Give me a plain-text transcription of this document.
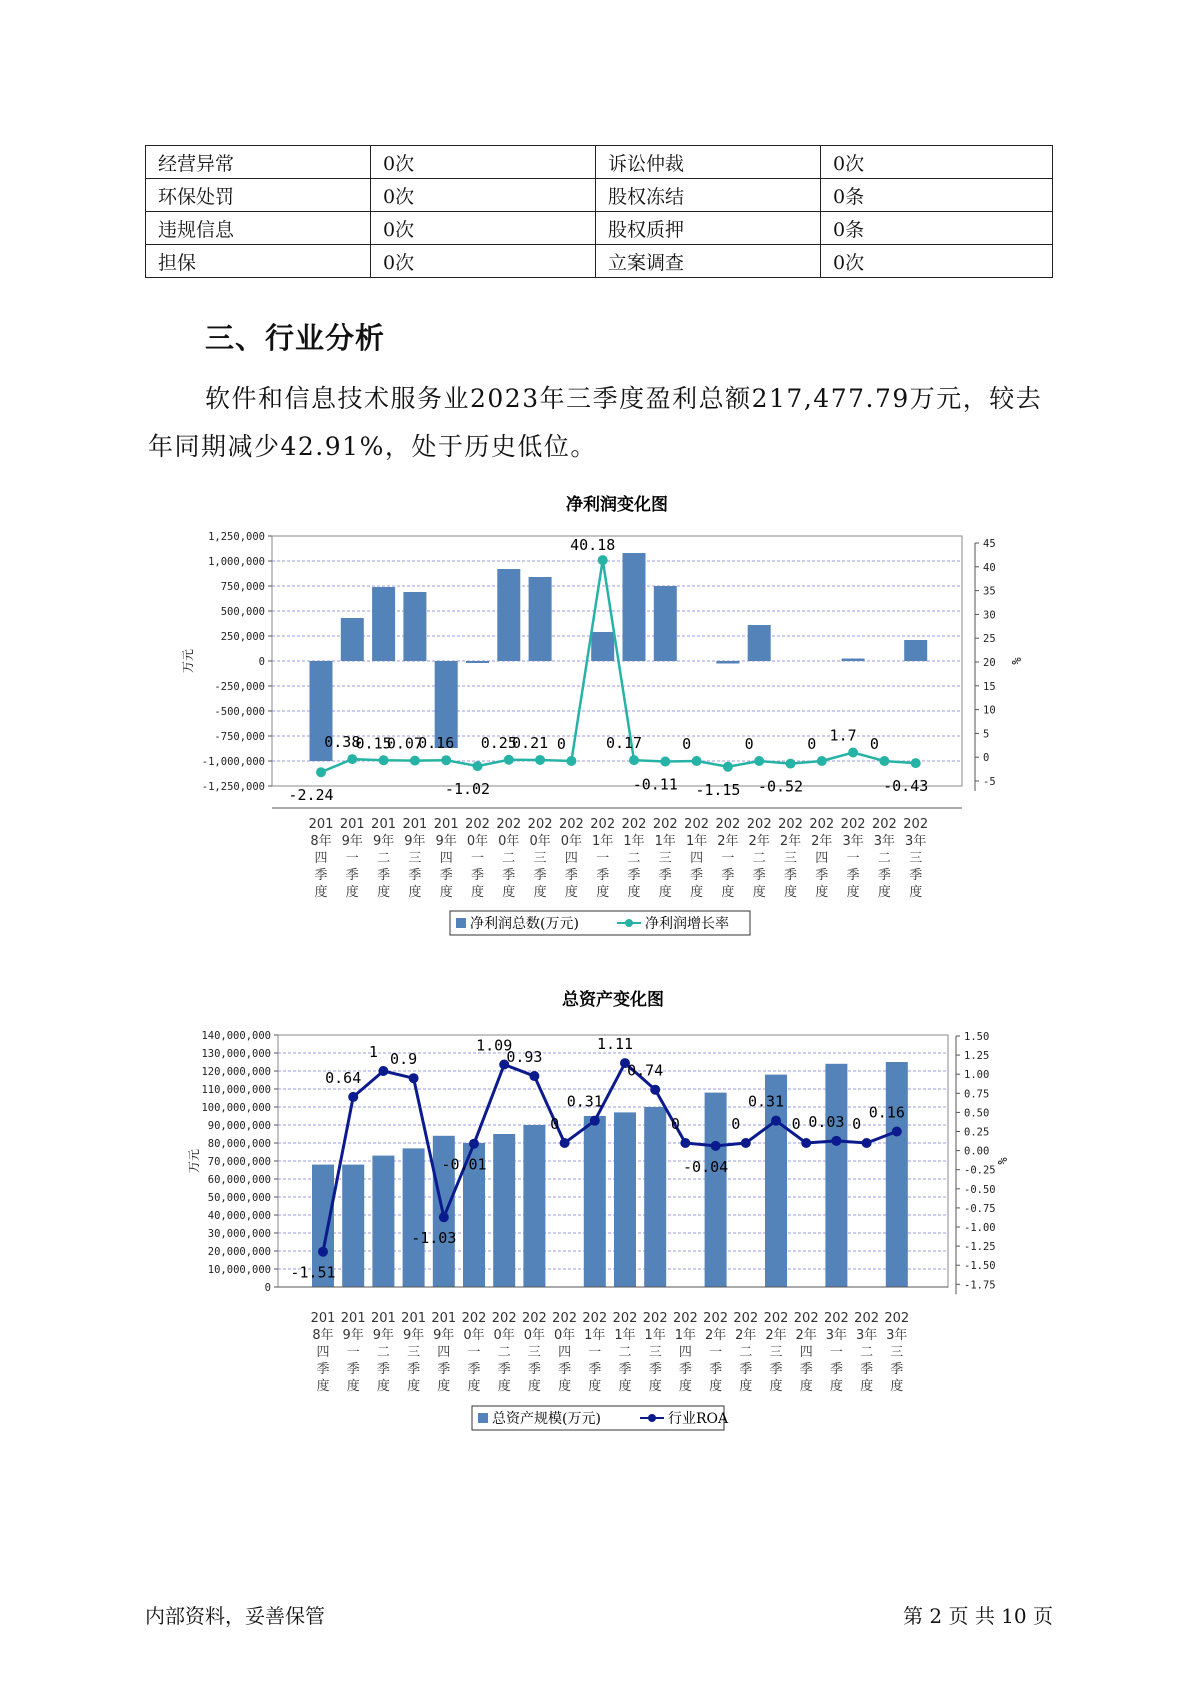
经营异常	0次	诉讼仲裁	0次
环保处罚	0次	股权冻结	0条
违规信息	0次	股权质押	0条
担保	0次	立案调查	0次
三、行业分析
软件和信息技术服务业2023年三季度盈利总额217,477.79万元，较去年同期减少42.91%，处于历史低位。
净利润变化图
1,250,000
1,000,000
750,000
500,000
250,000
0
-250,000
-500,000
-750,000
-1,000,000
-1,250,000
45
40
35
30
25
20
15
10
5
0
-5
万元	%
-2.24
0.38
0.15
0.07
0.16
-1.02
0.25
0.21 0
40.18
0.17
-0.11
0
-1.15
0
-0.52
0 1.7 0
-0.43
201 8年四季度
201 9年一季度
201 9年二季度
201 9年三季度
201 9年四季度
202 0年一季度
202 0年二季度
202 0年三季度
202 0年四季度
202 1年一季度
202 1年二季度
202 1年三季度
202 1年四季度
202 2年一季度
202 2年二季度
202 2年三季度
202 2年四季度
202 3年一季度
202 3年二季度
202 3年三季度
净利润总数(万元)	净利润增长率
总资产变化图
140,000,000
130,000,000
120,000,000
110,000,000
100,000,000
90,000,000
80,000,000
70,000,000
60,000,000
50,000,000
40,000,000
30,000,000
20,000,000
10,000,000
0
1.50
1.25
1.00
0.75
0.50
0.25
0.00
-0.25
-0.50
-0.75
-1.00
-1.25
-1.50
-1.75
万元	%
-1.51
0.64
1 0.9
-1.03
-0.01
1.09
0.93
0
0.31
1.11
0.74
0
-0.04
0
0.31
0 0.03 0
0.16
201 8年四季度
201 9年一季度
201 9年二季度
201 9年三季度
201 9年四季度
202 0年一季度
202 0年二季度
202 0年三季度
202 0年四季度
202 1年一季度
202 1年二季度
202 1年三季度
202 1年四季度
202 2年一季度
202 2年二季度
202 2年三季度
202 2年四季度
202 3年一季度
202 3年二季度
202 3年三季度
总资产规模(万元)	行业ROA
内部资料，妥善保管	第 2 页 共 10 页
